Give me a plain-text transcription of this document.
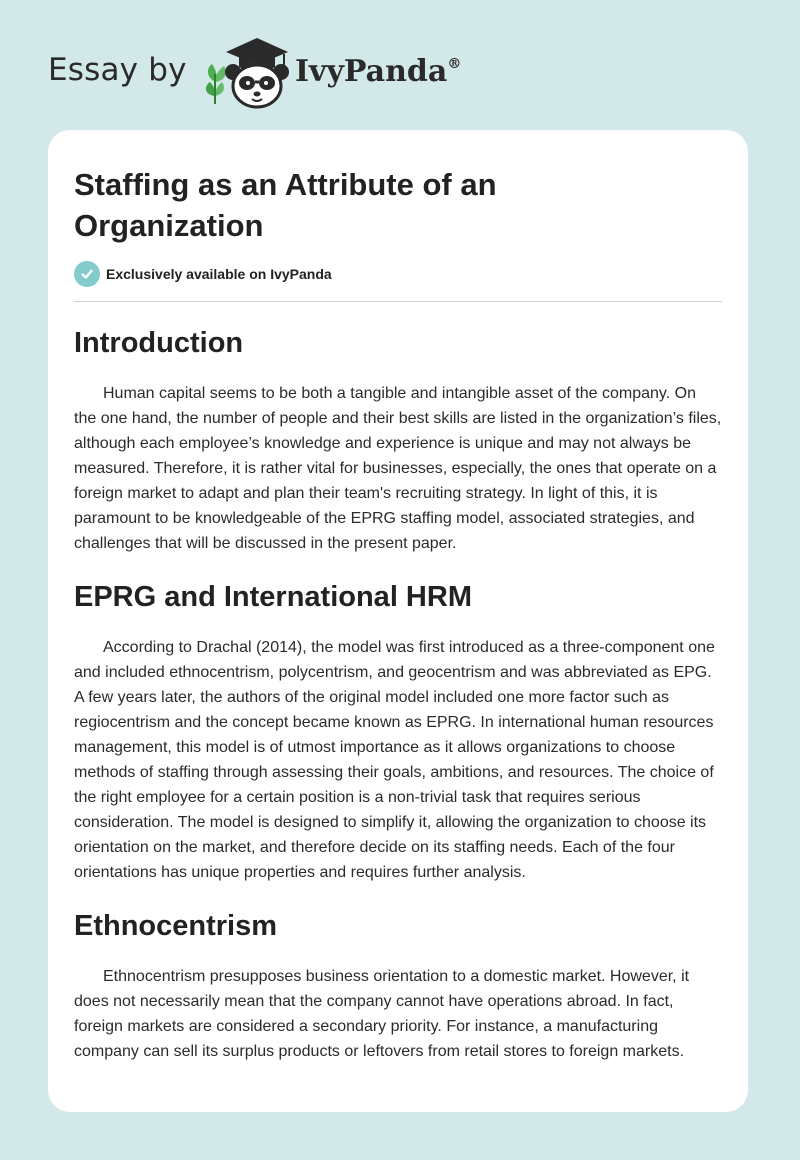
Essay by	IvyPanda®
Staffing as an Attribute of an Organization
Exclusively available on IvyPanda
Introduction

Human capital seems to be both a tangible and intangible asset of the company. On the one hand, the number of people and their best skills are listed in the organization’s files, although each employee’s knowledge and experience is unique and may not always be measured. Therefore, it is rather vital for businesses, especially, the ones that operate on a foreign market to adapt and plan their team's recruiting strategy. In light of this, it is paramount to be knowledgeable of the EPRG staffing model, associated strategies, and challenges that will be discussed in the present paper.

EPRG and International HRM

According to Drachal (2014), the model was first introduced as a three-component one and included ethnocentrism, polycentrism, and geocentrism and was abbreviated as EPG. A few years later, the authors of the original model included one more factor such as regiocentrism and the concept became known as EPRG. In international human resources management, this model is of utmost importance as it allows organizations to choose methods of staffing through assessing their goals, ambitions, and resources. The choice of the right employee for a certain position is a non-trivial task that requires serious consideration. The model is designed to simplify it, allowing the organization to choose its orientation on the market, and therefore decide on its staffing needs. Each of the four orientations has unique properties and requires further analysis.

Ethnocentrism

Ethnocentrism presupposes business orientation to a domestic market. However, it does not necessarily mean that the company cannot have operations abroad. In fact, foreign markets are considered a secondary priority. For instance, a manufacturing company can sell its surplus products or leftovers from retail stores to foreign markets.
